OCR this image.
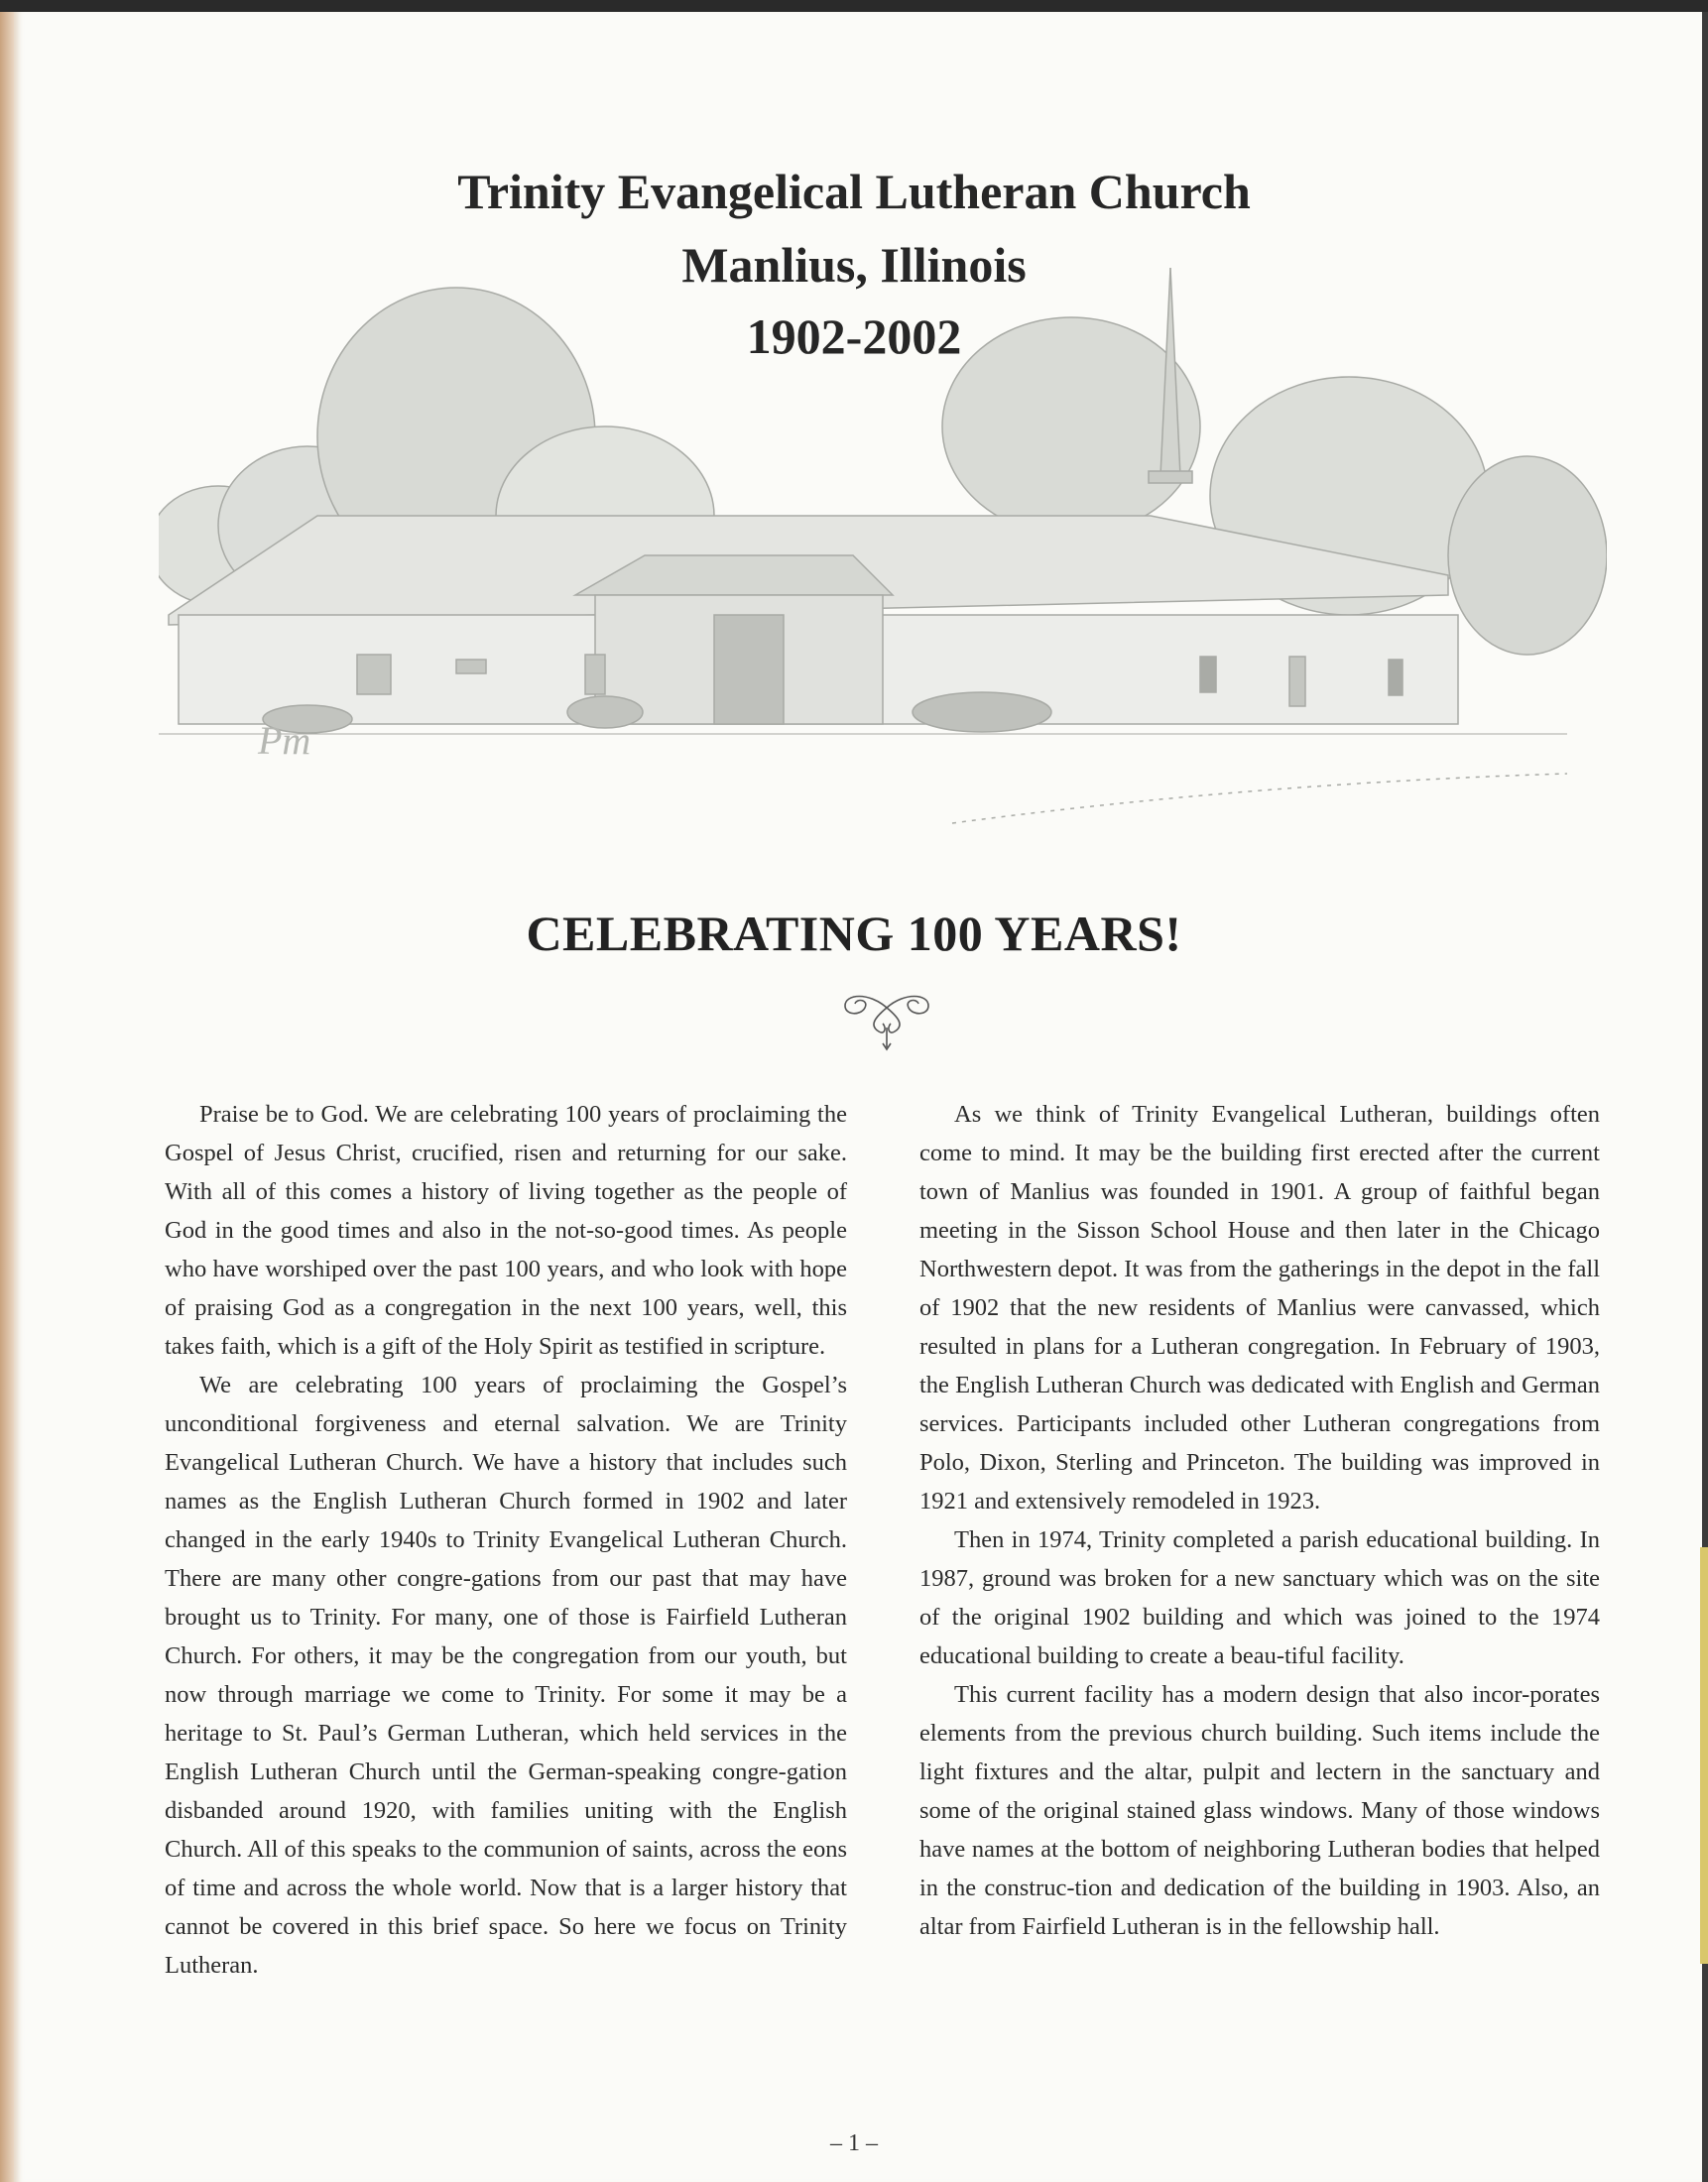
Trinity Evangelical Lutheran Church
Manlius, Illinois
1902-2002
Pm
CELEBRATING 100 YEARS!

Praise be to God. We are celebrating 100 years of proclaiming the Gospel of Jesus Christ, crucified, risen and returning for our sake. With all of this comes a history of living together as the people of God in the good times and also in the not-so-good times. As people who have worshiped over the past 100 years, and who look with hope of praising God as a congregation in the next 100 years, well, this takes faith, which is a gift of the Holy Spirit as testified in scripture.

We are celebrating 100 years of proclaiming the Gospel’s unconditional forgiveness and eternal salvation. We are Trinity Evangelical Lutheran Church. We have a history that includes such names as the English Lutheran Church formed in 1902 and later changed in the early 1940s to Trinity Evangelical Lutheran Church. There are many other congre-gations from our past that may have brought us to Trinity. For many, one of those is Fairfield Lutheran Church. For others, it may be the congregation from our youth, but now through marriage we come to Trinity. For some it may be a heritage to St. Paul’s German Lutheran, which held services in the English Lutheran Church until the German-speaking congre-gation disbanded around 1920, with families uniting with the English Church. All of this speaks to the communion of saints, across the eons of time and across the whole world. Now that is a larger history that cannot be covered in this brief space. So here we focus on Trinity Lutheran.

As we think of Trinity Evangelical Lutheran, buildings often come to mind. It may be the building first erected after the current town of Manlius was founded in 1901. A group of faithful began meeting in the Sisson School House and then later in the Chicago Northwestern depot. It was from the gatherings in the depot in the fall of 1902 that the new residents of Manlius were canvassed, which resulted in plans for a Lutheran congregation. In February of 1903, the English Lutheran Church was dedicated with English and German services. Participants included other Lutheran congregations from Polo, Dixon, Sterling and Princeton. The building was improved in 1921 and extensively remodeled in 1923.

Then in 1974, Trinity completed a parish educational building. In 1987, ground was broken for a new sanctuary which was on the site of the original 1902 building and which was joined to the 1974 educational building to create a beau-tiful facility.

This current facility has a modern design that also incor-porates elements from the previous church building. Such items include the light fixtures and the altar, pulpit and lectern in the sanctuary and some of the original stained glass windows. Many of those windows have names at the bottom of neighboring Lutheran bodies that helped in the construc-tion and dedication of the building in 1903. Also, an altar from Fairfield Lutheran is in the fellowship hall.

– 1 –
